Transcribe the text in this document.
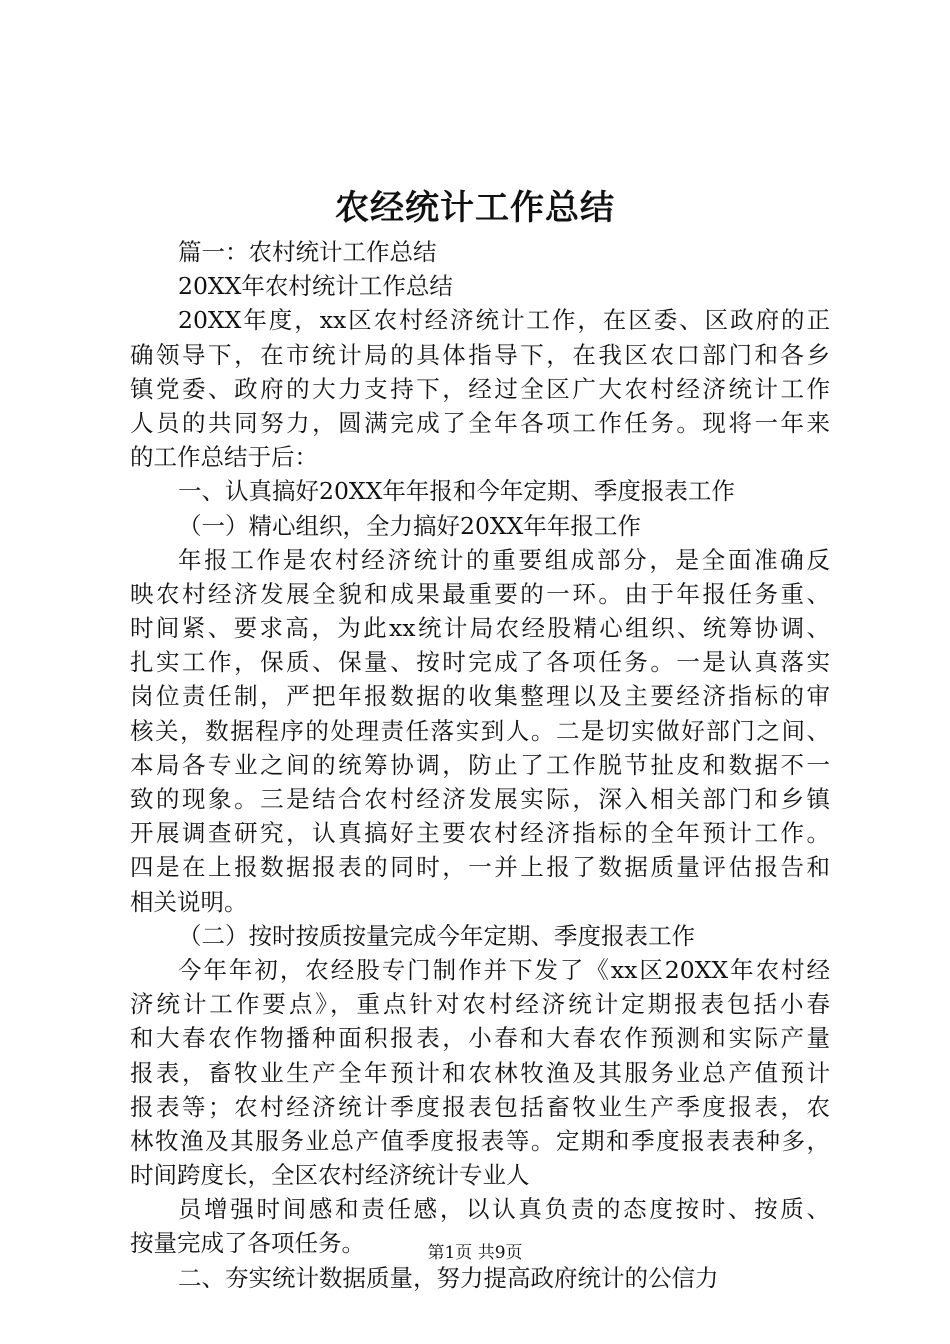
农经统计工作总结
篇一：农村统计工作总结
20XX年农村统计工作总结
20XX年度，xx区农村经济统计工作，在区委、区政府的正
确领导下，在市统计局的具体指导下，在我区农口部门和各乡
镇党委、政府的大力支持下，经过全区广大农村经济统计工作
人员的共同努力，圆满完成了全年各项工作任务。现将一年来
的工作总结于后：
一、认真搞好20XX年年报和今年定期、季度报表工作
（一）精心组织，全力搞好20XX年年报工作
年报工作是农村经济统计的重要组成部分，是全面准确反
映农村经济发展全貌和成果最重要的一环。由于年报任务重、
时间紧、要求高，为此xx统计局农经股精心组织、统筹协调、
扎实工作，保质、保量、按时完成了各项任务。一是认真落实
岗位责任制，严把年报数据的收集整理以及主要经济指标的审
核关，数据程序的处理责任落实到人。二是切实做好部门之间、
本局各专业之间的统筹协调，防止了工作脱节扯皮和数据不一
致的现象。三是结合农村经济发展实际，深入相关部门和乡镇
开展调查研究，认真搞好主要农村经济指标的全年预计工作。
四是在上报数据报表的同时，一并上报了数据质量评估报告和
相关说明。
（二）按时按质按量完成今年定期、季度报表工作
今年年初，农经股专门制作并下发了《xx区20XX年农村经
济统计工作要点》，重点针对农村经济统计定期报表包括小春
和大春农作物播种面积报表，小春和大春农作预测和实际产量
报表，畜牧业生产全年预计和农林牧渔及其服务业总产值预计
报表等；农村经济统计季度报表包括畜牧业生产季度报表，农
林牧渔及其服务业总产值季度报表等。定期和季度报表表种多，
时间跨度长，全区农村经济统计专业人
员增强时间感和责任感，以认真负责的态度按时、按质、
按量完成了各项任务。
二、夯实统计数据质量，努力提高政府统计的公信力
第1页 共9页
